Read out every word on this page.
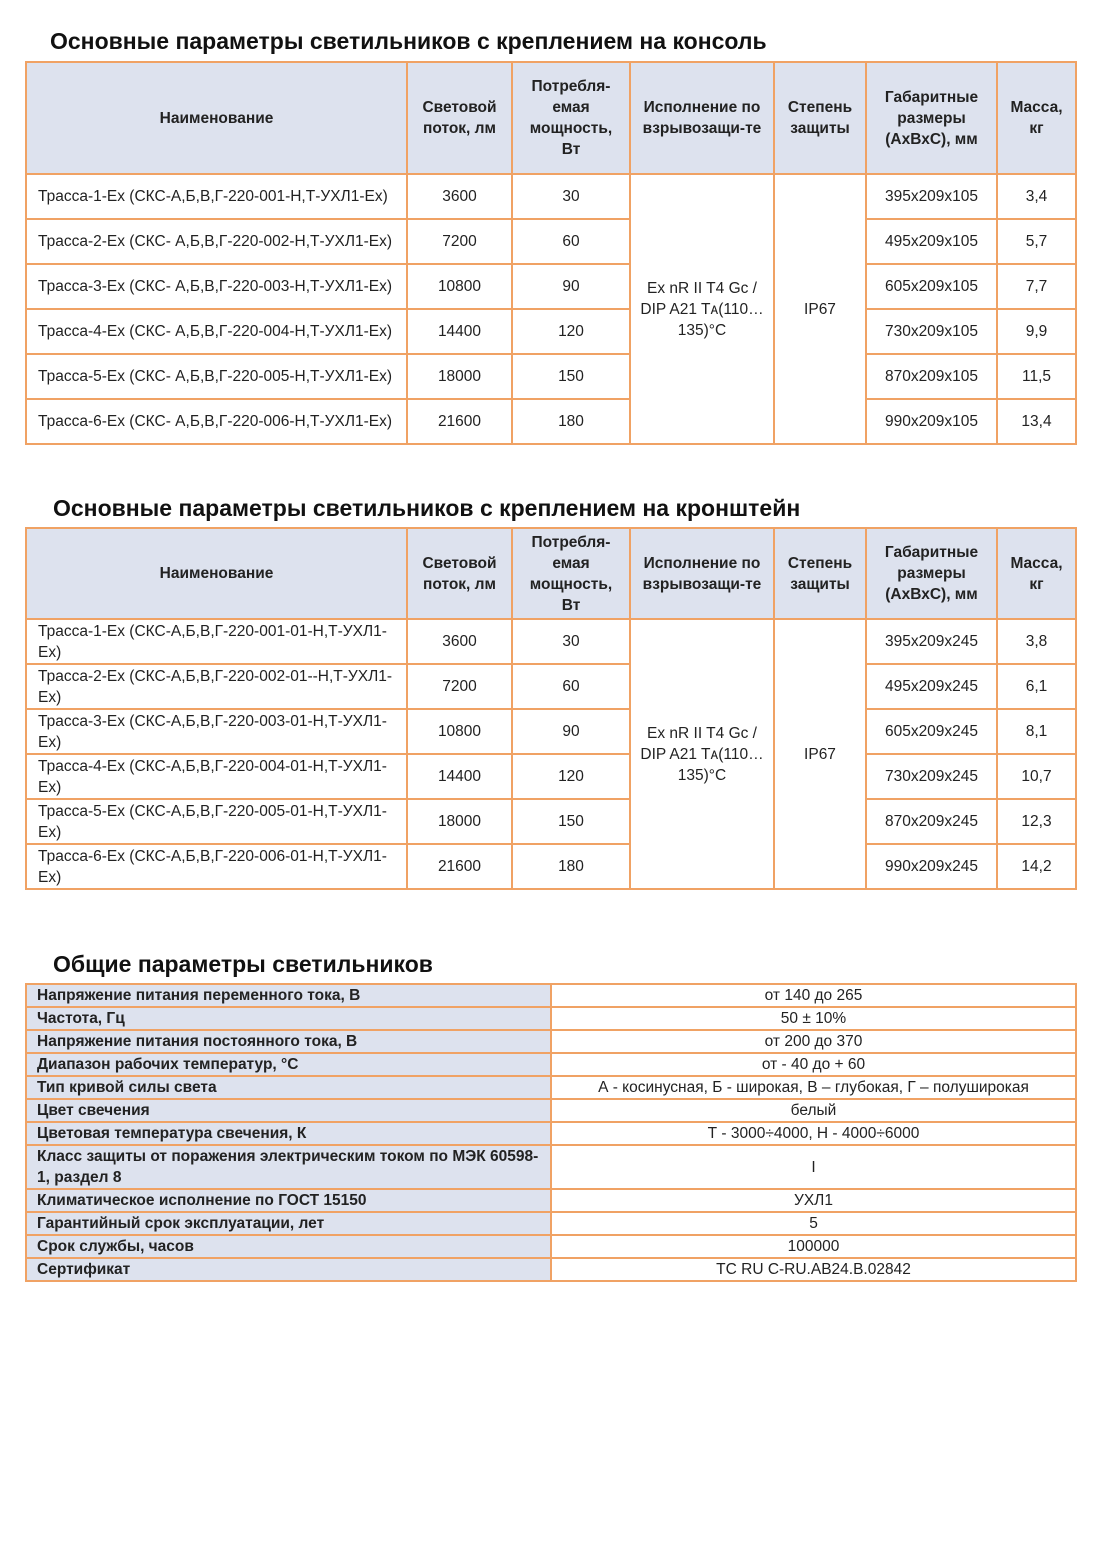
Основные параметры светильников с креплением на консоль
Наименование	Световой поток, лм	Потребля-емая мощность, Вт	Исполнение по взрывозащи-те	Степень защиты	Габаритные размеры (АхВхС), мм	Масса, кг
Трасса-1-Ex (СКС-А,Б,В,Г-220-001-Н,Т-УХЛ1-Ех)	3600	30	Ex nR II T4 Gc / DIP A21 Tᴀ(110…135)°C	IP67	395x209x105	3,4
Трасса-2-Ex (СКС- А,Б,В,Г-220-002-Н,Т-УХЛ1-Ех)	7200	60			495x209x105	5,7
Трасса-3-Ex (СКС- А,Б,В,Г-220-003-Н,Т-УХЛ1-Ех)	10800	90			605x209x105	7,7
Трасса-4-Ex (СКС- А,Б,В,Г-220-004-Н,Т-УХЛ1-Ех)	14400	120			730x209x105	9,9
Трасса-5-Ex (СКС- А,Б,В,Г-220-005-Н,Т-УХЛ1-Ех)	18000	150			870x209x105	11,5
Трасса-6-Ex (СКС- А,Б,В,Г-220-006-Н,Т-УХЛ1-Ех)	21600	180			990x209x105	13,4
Основные параметры светильников с креплением на кронштейн
Наименование	Световой поток, лм	Потребля-емая мощность, Вт	Исполнение по взрывозащи-те	Степень защиты	Габаритные размеры (АхВхС), мм	Масса, кг
Трасса-1-Ex (СКС-А,Б,В,Г-220-001-01-Н,Т-УХЛ1-Ех)	3600	30	Ex nR II T4 Gc / DIP A21 Tᴀ(110…135)°C	IP67	395x209x245	3,8
Трасса-2-Ex (СКС-А,Б,В,Г-220-002-01--Н,Т-УХЛ1-Ех)	7200	60			495x209x245	6,1
Трасса-3-Ex (СКС-А,Б,В,Г-220-003-01-Н,Т-УХЛ1-Ех)	10800	90			605x209x245	8,1
Трасса-4-Ex (СКС-А,Б,В,Г-220-004-01-Н,Т-УХЛ1-Ех)	14400	120			730x209x245	10,7
Трасса-5-Ex (СКС-А,Б,В,Г-220-005-01-Н,Т-УХЛ1-Ех)	18000	150			870x209x245	12,3
Трасса-6-Ex (СКС-А,Б,В,Г-220-006-01-Н,Т-УХЛ1-Ех)	21600	180			990x209x245	14,2
Общие параметры светильников
Напряжение питания переменного тока, В	от 140 до 265
Частота, Гц	50 ± 10%
Напряжение питания постоянного тока, В	от 200 до 370
Диапазон рабочих температур, °С	от - 40 до + 60
Тип кривой силы света	А - косинусная, Б - широкая, В – глубокая, Г – полуширокая
Цвет свечения	белый
Цветовая температура свечения, К	Т - 3000÷4000, Н - 4000÷6000
Класс защиты от поражения электрическим током по МЭК 60598-1, раздел 8	I
Климатическое исполнение по ГОСТ 15150	УХЛ1
Гарантийный срок эксплуатации, лет	5
Срок службы, часов	100000
Сертификат	ТС RU C-RU.АВ24.В.02842
